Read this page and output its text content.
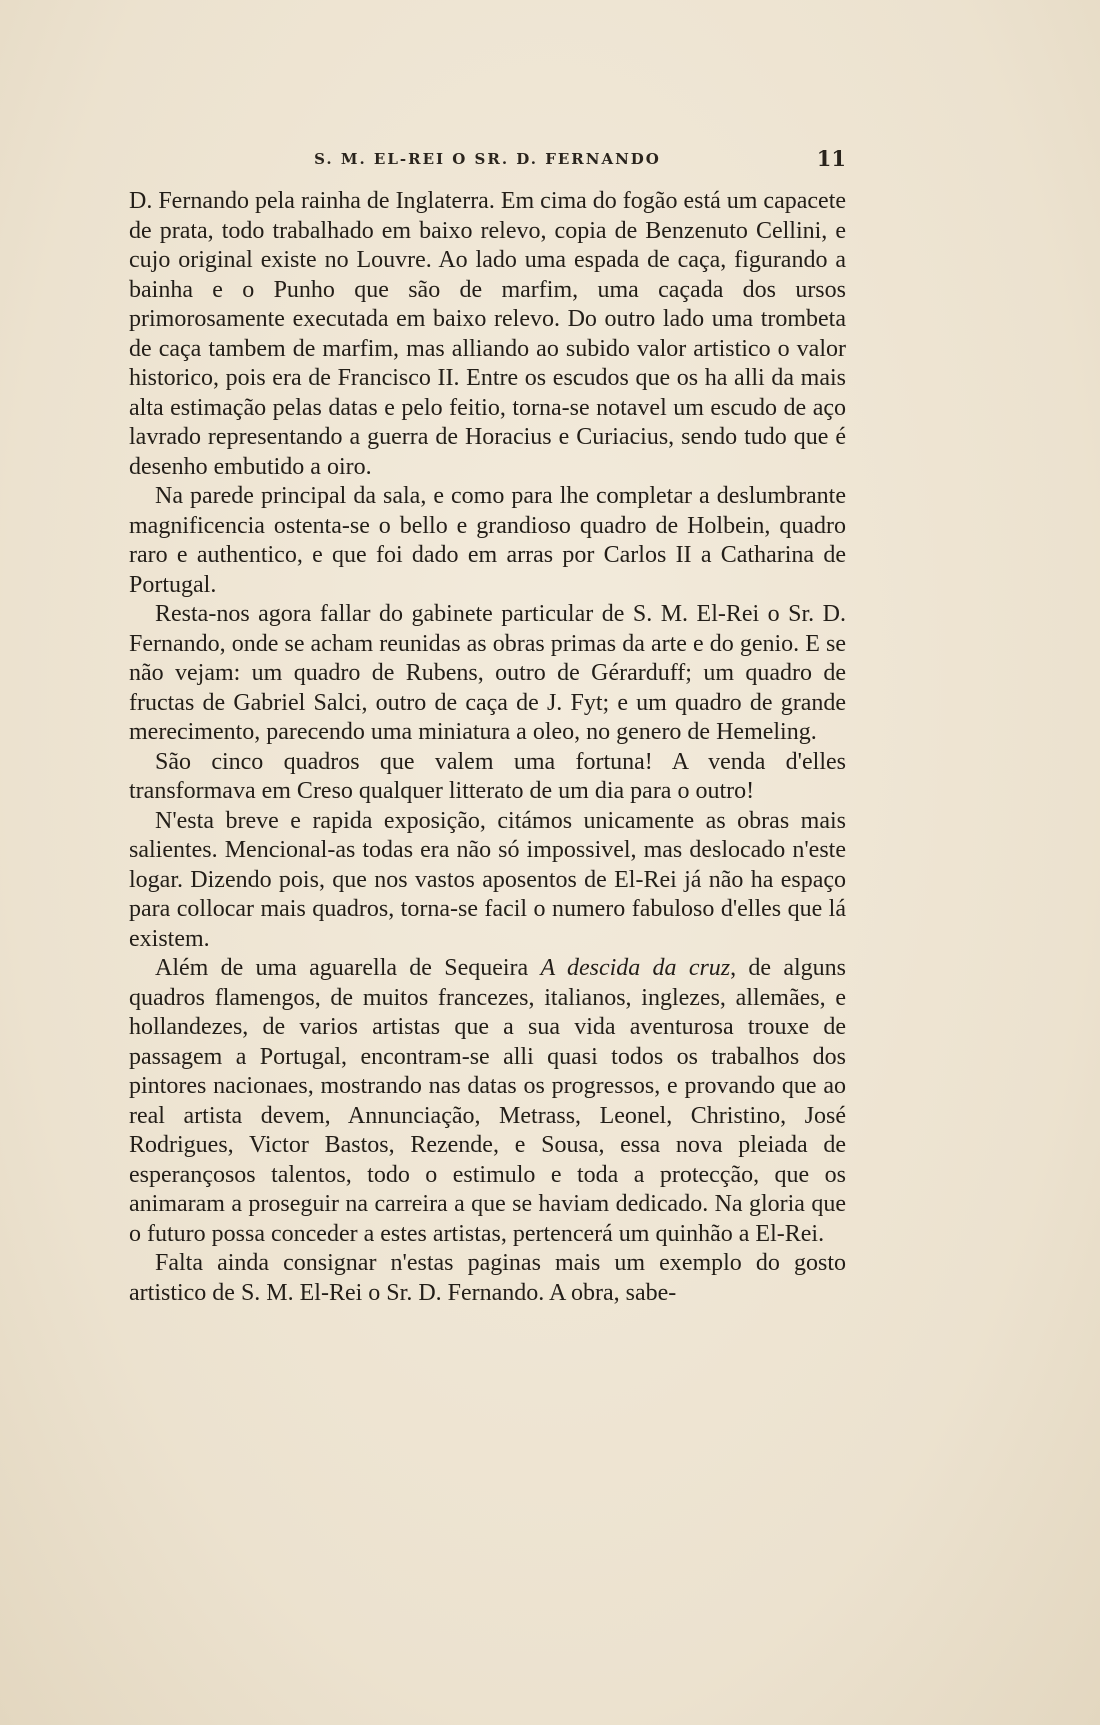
S. M. EL-REI O SR. D. FERNANDO	11

D. Fernando pela rainha de Inglaterra. Em cima do fogão está um capacete de prata, todo trabalhado em baixo relevo, copia de Benzenuto Cellini, e cujo original existe no Louvre. Ao lado uma espada de caça, figurando a bainha e o Punho que são de marfim, uma caçada dos ursos primorosamente executada em baixo relevo. Do outro lado uma trombeta de caça tambem de marfim, mas alliando ao subido valor artistico o valor historico, pois era de Francisco II. Entre os escudos que os ha alli da mais alta estimação pelas datas e pelo feitio, torna-se notavel um escudo de aço lavrado representando a guerra de Horacius e Curiacius, sendo tudo que é desenho embutido a oiro.

Na parede principal da sala, e como para lhe completar a deslumbrante magnificencia ostenta-se o bello e grandioso quadro de Holbein, quadro raro e authentico, e que foi dado em arras por Carlos II a Catharina de Portugal.

Resta-nos agora fallar do gabinete particular de S. M. El-Rei o Sr. D. Fernando, onde se acham reunidas as obras primas da arte e do genio. E se não vejam: um quadro de Rubens, outro de Gérarduff; um quadro de fructas de Gabriel Salci, outro de caça de J. Fyt; e um quadro de grande merecimento, parecendo uma miniatura a oleo, no genero de Hemeling.

São cinco quadros que valem uma fortuna! A venda d'elles transformava em Creso qualquer litterato de um dia para o outro!

N'esta breve e rapida exposição, citámos unicamente as obras mais salientes. Mencional-as todas era não só impossivel, mas deslocado n'este logar. Dizendo pois, que nos vastos aposentos de El-Rei já não ha espaço para collocar mais quadros, torna-se facil o numero fabuloso d'elles que lá existem.

Além de uma aguarella de Sequeira A descida da cruz, de alguns quadros flamengos, de muitos francezes, italianos, inglezes, allemães, e hollandezes, de varios artistas que a sua vida aventurosa trouxe de passagem a Portugal, encontram-se alli quasi todos os trabalhos dos pintores nacionaes, mostrando nas datas os progressos, e provando que ao real artista devem, Annunciação, Metrass, Leonel, Christino, José Rodrigues, Victor Bastos, Rezende, e Sousa, essa nova pleiada de esperançosos talentos, todo o estimulo e toda a protecção, que os animaram a proseguir na carreira a que se haviam dedicado. Na gloria que o futuro possa conceder a estes artistas, pertencerá um quinhão a El-Rei.

Falta ainda consignar n'estas paginas mais um exemplo do gosto artistico de S. M. El-Rei o Sr. D. Fernando. A obra, sabe-
